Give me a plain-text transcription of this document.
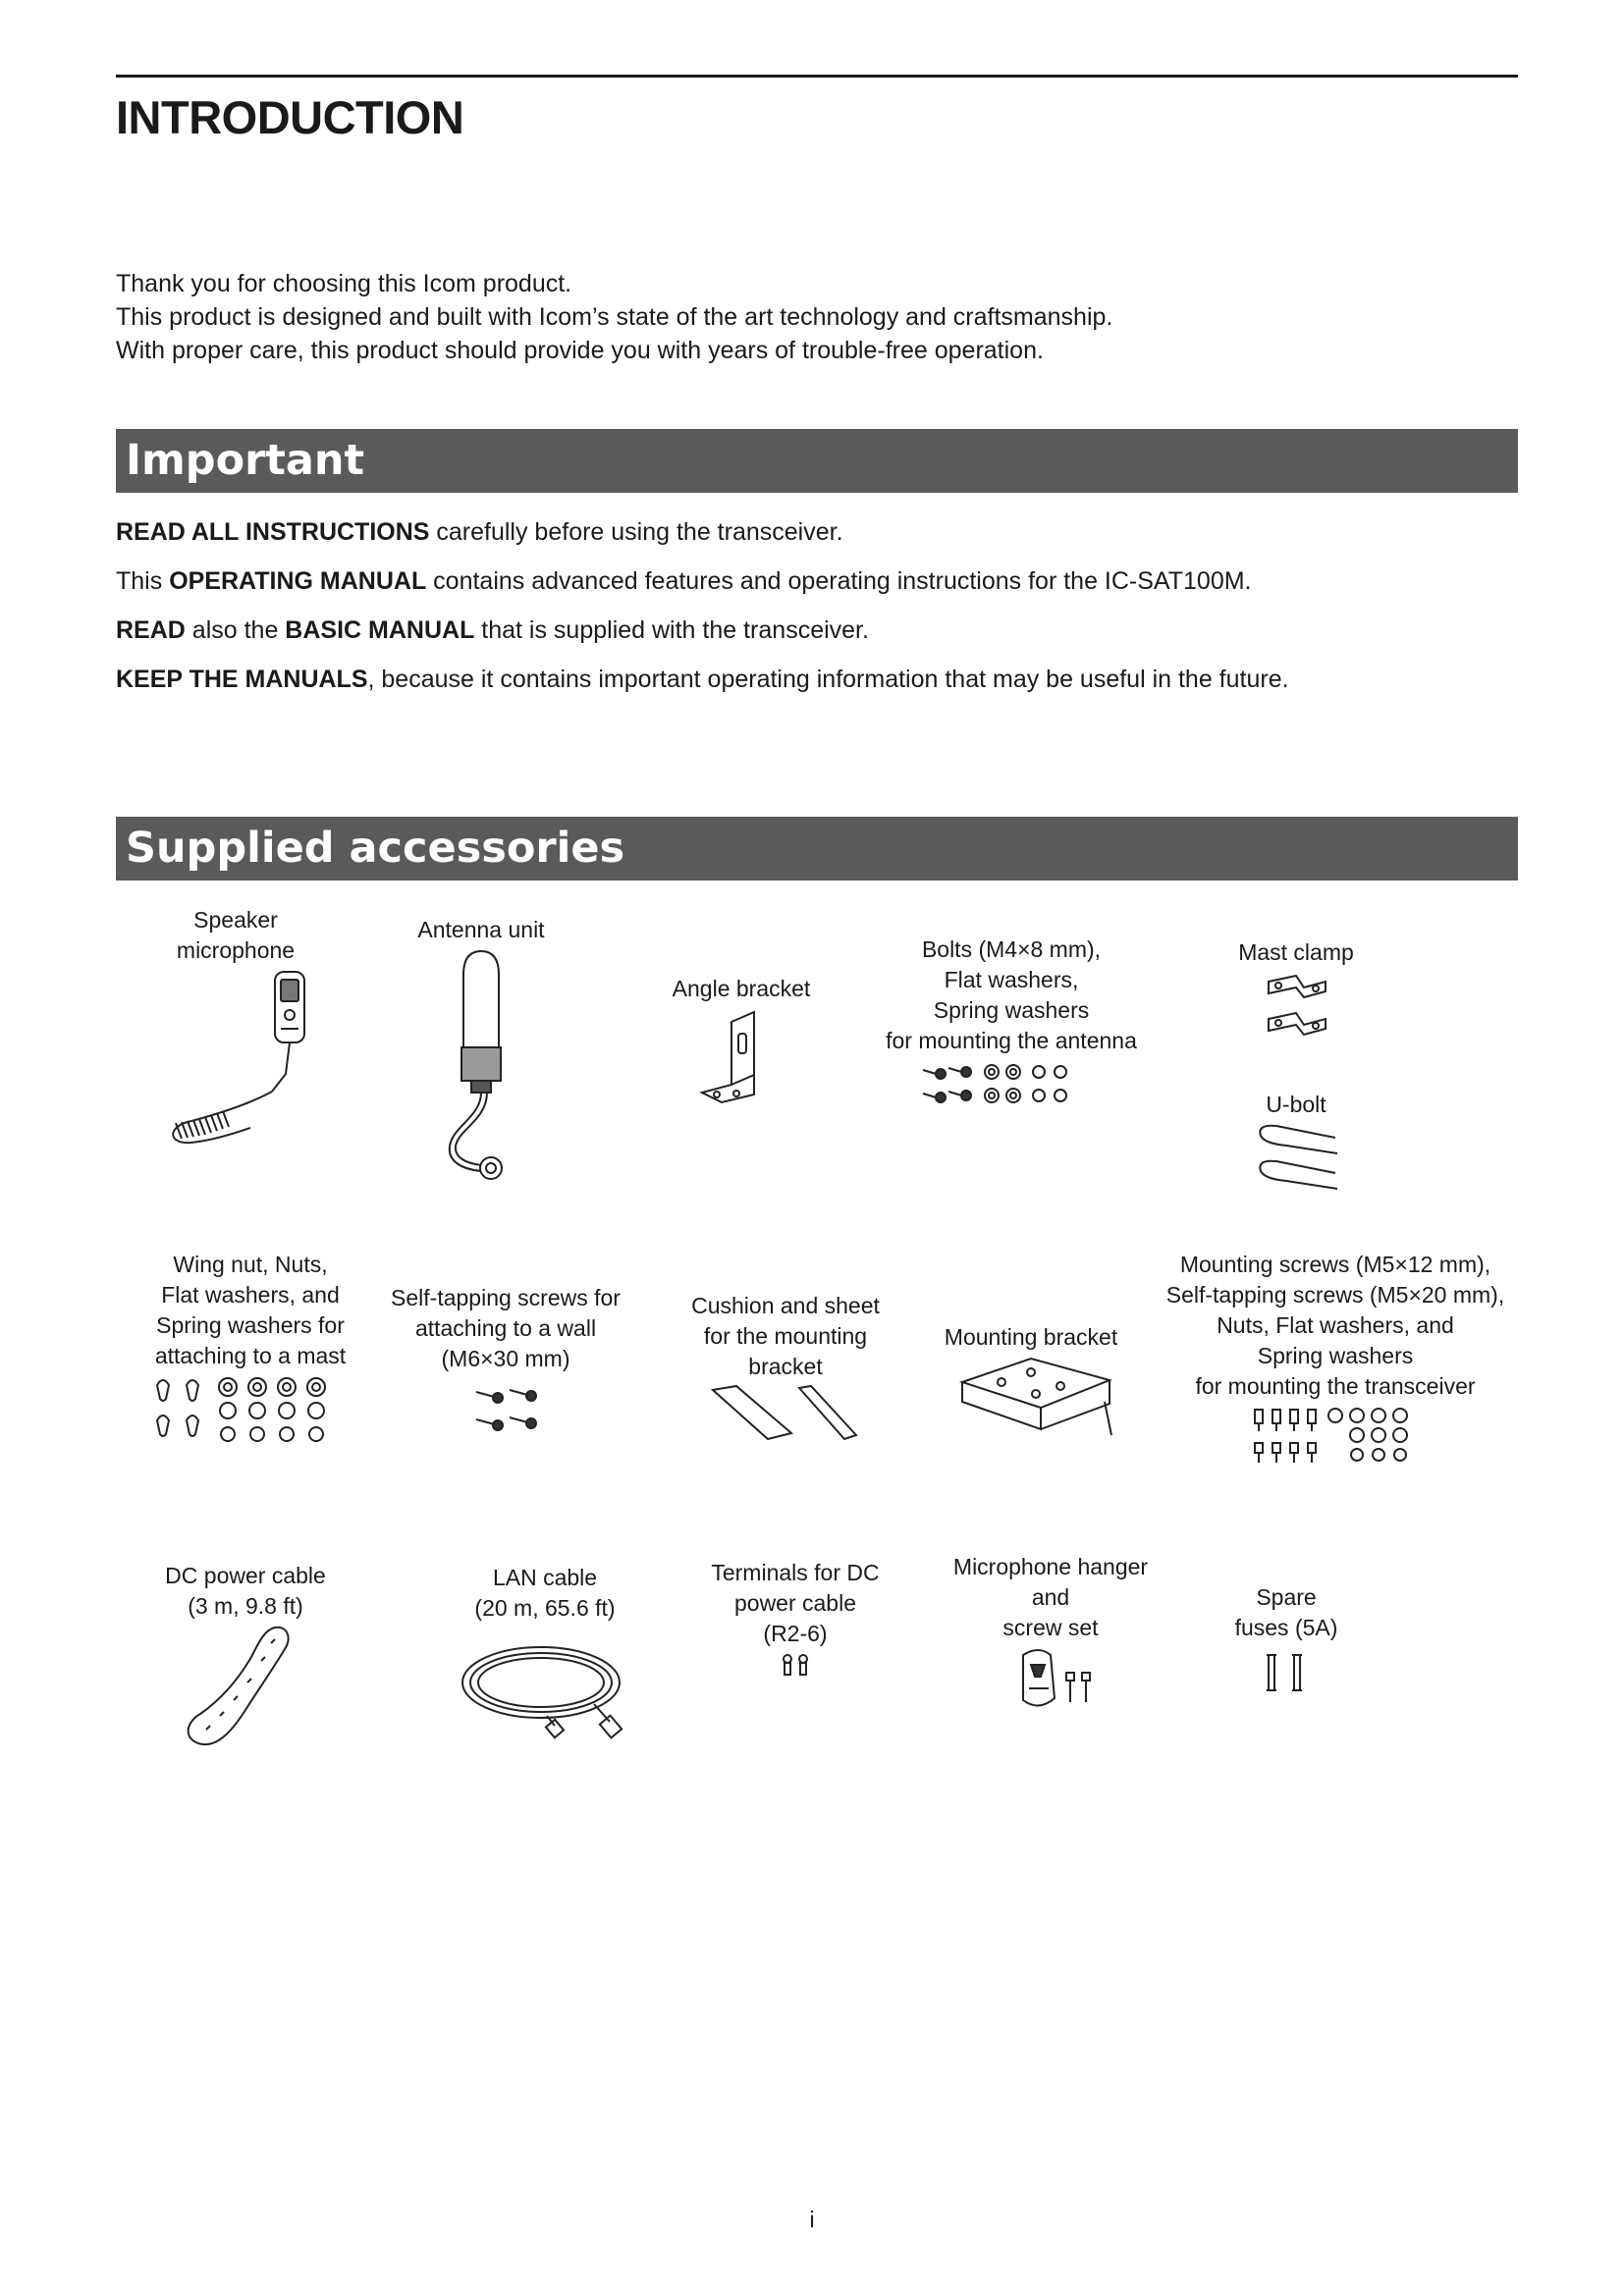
INTRODUCTION

Thank you for choosing this Icom product.

This product is designed and built with Icom’s state of the art technology and craftsmanship.

With proper care, this product should provide you with years of trouble-free operation.

Important

READ ALL INSTRUCTIONS carefully before using the transceiver.

This OPERATING MANUAL contains advanced features and operating instructions for the IC-SAT100M.

READ also the BASIC MANUAL that is supplied with the transceiver.

KEEP THE MANUALS, because it contains important operating information that may be useful in the future.

Supplied accessories
Speaker
microphone
Antenna unit
Angle bracket
Bolts (M4×8 mm),
Flat washers,
Spring washers
for mounting the antenna
Mast clamp
U-bolt
Wing nut, Nuts,
Flat washers, and
Spring washers for
attaching to a mast
Self-tapping screws for
attaching to a wall
(M6×30 mm)
Cushion and sheet
for the mounting
bracket
Mounting bracket
Mounting screws (M5×12 mm),
Self-tapping screws (M5×20 mm),
Nuts, Flat washers, and
Spring washers
for mounting the transceiver
DC power cable
(3 m, 9.8 ft)
LAN cable
(20 m, 65.6 ft)
Terminals for DC
power cable
(R2-6)
Microphone hanger
and
screw set
Spare
fuses (5A)
i
